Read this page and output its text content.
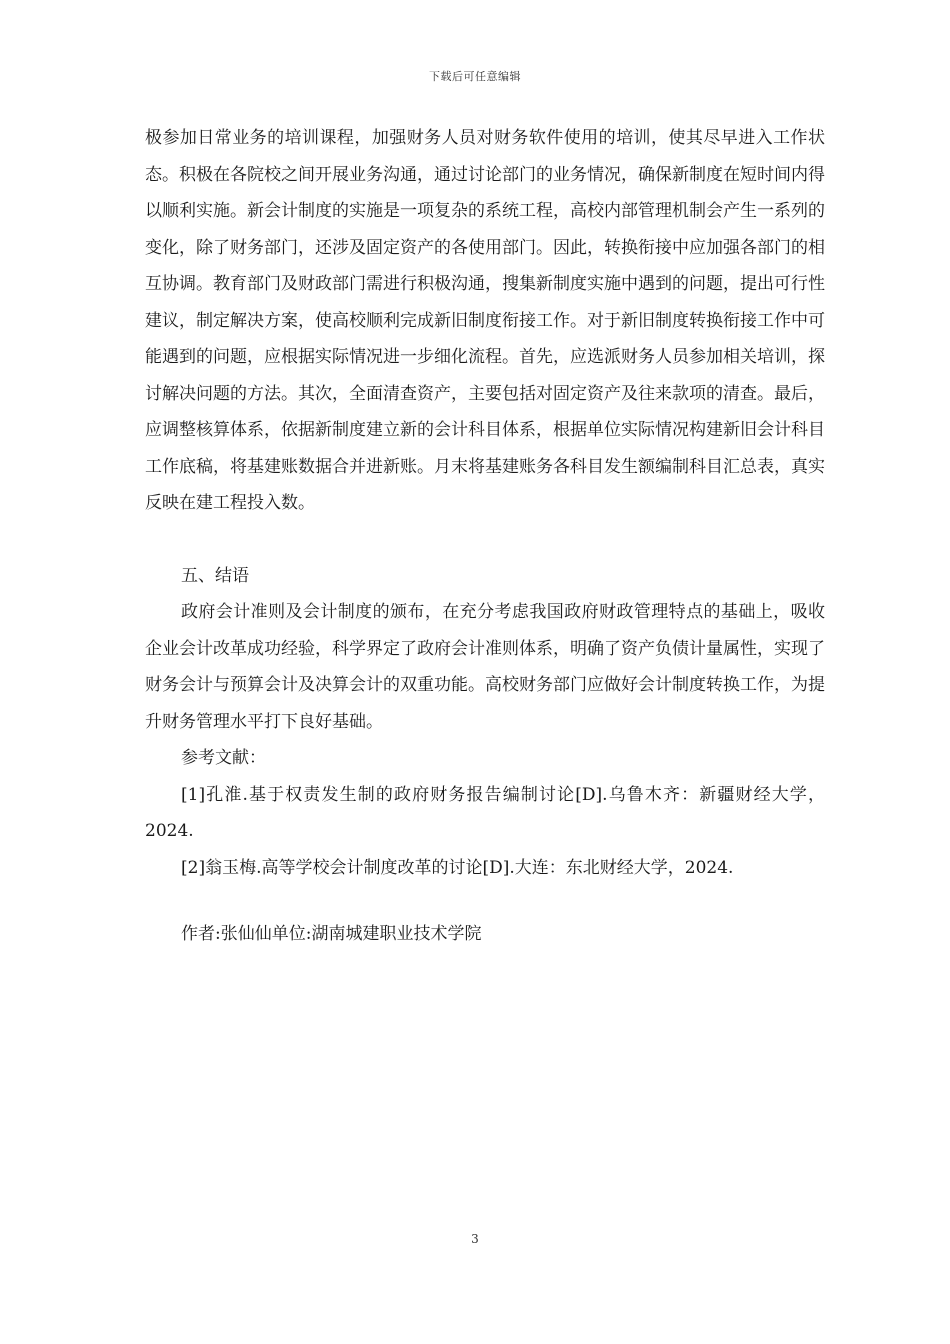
下载后可任意编辑

极参加日常业务的培训课程，加强财务人员对财务软件使用的培训，使其尽早进入工作状态。积极在各院校之间开展业务沟通，通过讨论部门的业务情况，确保新制度在短时间内得以顺利实施。新会计制度的实施是一项复杂的系统工程，高校内部管理机制会产生一系列的变化，除了财务部门，还涉及固定资产的各使用部门。因此，转换衔接中应加强各部门的相互协调。教育部门及财政部门需进行积极沟通，搜集新制度实施中遇到的问题，提出可行性建议，制定解决方案，使高校顺利完成新旧制度衔接工作。对于新旧制度转换衔接工作中可能遇到的问题，应根据实际情况进一步细化流程。首先，应选派财务人员参加相关培训，探讨解决问题的方法。其次，全面清查资产，主要包括对固定资产及往来款项的清查。最后，应调整核算体系，依据新制度建立新的会计科目体系，根据单位实际情况构建新旧会计科目工作底稿，将基建账数据合并进新账。月末将基建账务各科目发生额编制科目汇总表，真实反映在建工程投入数。

五、结语

政府会计准则及会计制度的颁布，在充分考虑我国政府财政管理特点的基础上，吸收企业会计改革成功经验，科学界定了政府会计准则体系，明确了资产负债计量属性，实现了财务会计与预算会计及决算会计的双重功能。高校财务部门应做好会计制度转换工作，为提升财务管理水平打下良好基础。

参考文献：

[1]孔淮.基于权责发生制的政府财务报告编制讨论[D].乌鲁木齐：新疆财经大学，2024.

[2]翁玉梅.高等学校会计制度改革的讨论[D].大连：东北财经大学，2024.

作者:张仙仙单位:湖南城建职业技术学院

3
